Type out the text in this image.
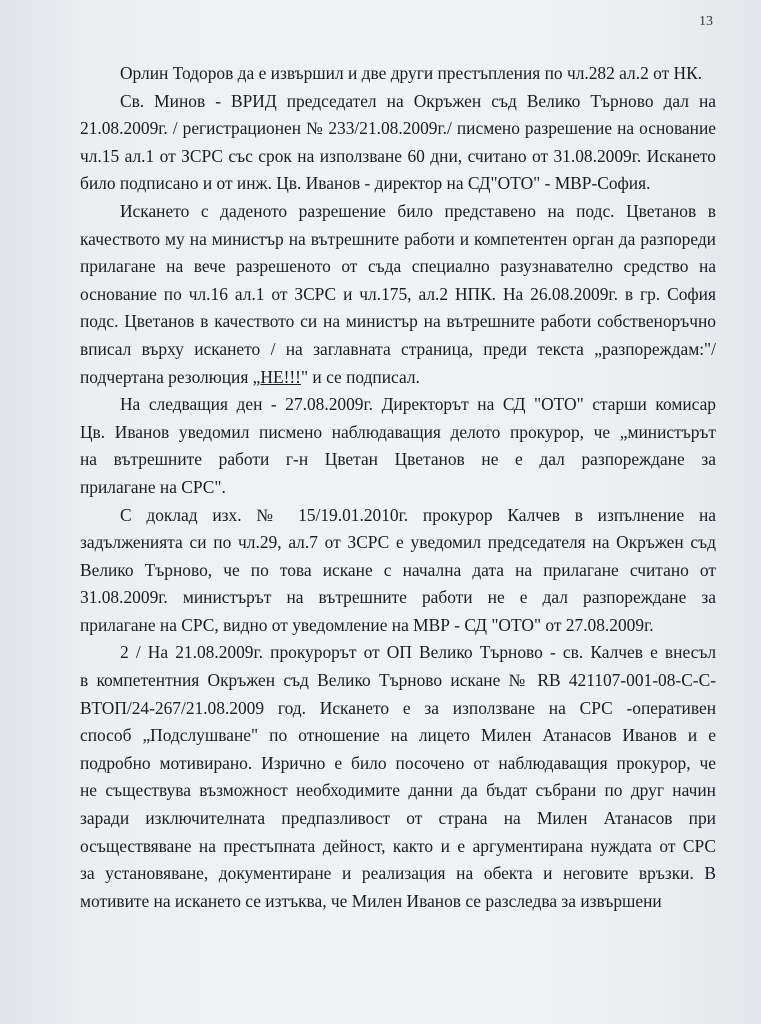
13
Орлин Тодоров да е извършил и две други престъпления по чл.282 ал.2 от НК.
Св. Минов - ВРИД председател на Окръжен съд Велико Търново дал на
21.08.2009г. / регистрационен № 233/21.08.2009г./ писмено разрешение на основание
чл.15 ал.1 от ЗСРС със срок на използване 60 дни, считано от 31.08.2009г. Искането
било подписано и от инж. Цв. Иванов - директор на СД"ОТО" - МВР-София.
Искането с даденото разрешение било представено на подс. Цветанов в
качеството му на министър на вътрешните работи и компетентен орган да разпореди
прилагане на вече разрешеното от съда специално разузнавателно средство на
основание по чл.16 ал.1 от ЗСРС и чл.175, ал.2 НПК. На 26.08.2009г. в гр. София
подс. Цветанов в качеството си на министър на вътрешните работи собственоръчно
вписал върху искането / на заглавната страница, преди текста „разпореждам:"/
подчертана резолюция „НЕ!!!" и се подписал.
На следващия ден - 27.08.2009г. Директорът на СД "ОТО" старши комисар
Цв. Иванов уведомил писмено наблюдаващия делото прокурор, че „министърът
на вътрешните работи г-н Цветан Цветанов не е дал разпореждане за
прилагане на СРС".
С доклад изх. № 15/19.01.2010г. прокурор Калчев в изпълнение на
задълженията си по чл.29, ал.7 от ЗСРС е уведомил председателя на Окръжен съд
Велико Търново, че по това искане с начална дата на прилагане считано от
31.08.2009г. министърът на вътрешните работи не е дал разпореждане за
прилагане на СРС, видно от уведомление на МВР - СД "ОТО" от 27.08.2009г.
2 / На 21.08.2009г. прокурорът от ОП Велико Търново - св. Калчев е внесъл
в компетентния Окръжен съд Велико Търново искане № RB 421107-001-08-С-С-
ВТОП/24-267/21.08.2009 год. Искането е за използване на СРС -оперативен
способ „Подслушване" по отношение на лицето Милен Атанасов Иванов и е
подробно мотивирано. Изрично е било посочено от наблюдаващия прокурор, че
не съществува възможност необходимите данни да бъдат събрани по друг начин
заради изключителната предпазливост от страна на Милен Атанасов при
осъществяване на престъпната дейност, както и е аргументирана нуждата от СРС
за установяване, документиране и реализация на обекта и неговите връзки. В
мотивите на искането се изтъква, че Милен Иванов се разследва за извършени
